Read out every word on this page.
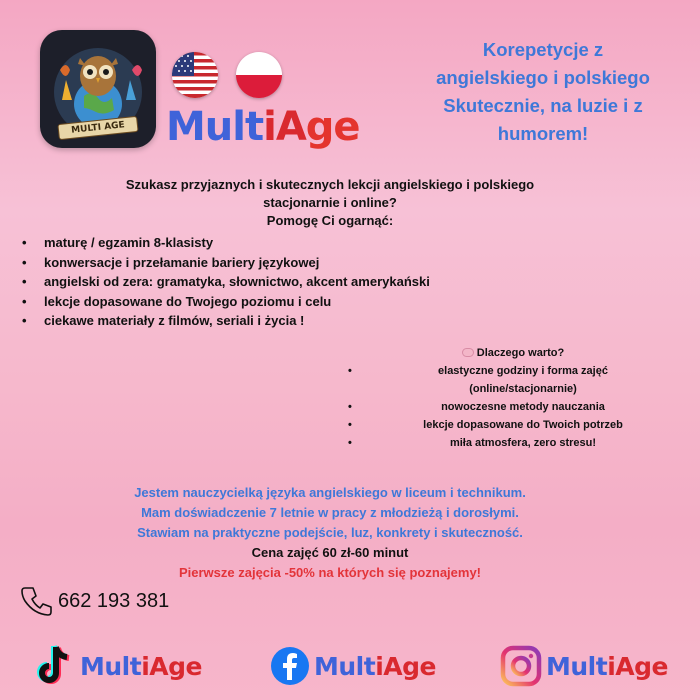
MULTI AGE	MultiAge
Korepetycje z
angielskiego i polskiego
Skutecznie, na luzie i z
humorem!
Szukasz przyjaznych i skutecznych lekcji angielskiego i polskiego
stacjonarnie i online?
Pomogę Ci ogarnąć:
• maturę / egzamin 8-klasisty
• konwersacje i przełamanie bariery językowej
• angielski od zera: gramatyka, słownictwo, akcent amerykański
• lekcje dopasowane do Twojego poziomu i celu
• ciekawe materiały z filmów, seriali i życia !
Dlaczego warto?
•	elastyczne godziny i forma zajęć
(online/stacjonarnie)
•	nowoczesne metody nauczania
•	lekcje dopasowane do Twoich potrzeb
•	miła atmosfera, zero stresu!
Jestem nauczycielką języka angielskiego w liceum i technikum.
Mam doświadczenie 7 letnie w pracy z młodzieżą i dorosłymi.
Stawiam na praktyczne podejście, luz, konkrety i skuteczność.
Cena zajęć 60 zł-60 minut
Pierwsze zajęcia -50% na których się poznajemy!
662 193 381
Mult iA ge	Mult iA ge	Mult iA ge
